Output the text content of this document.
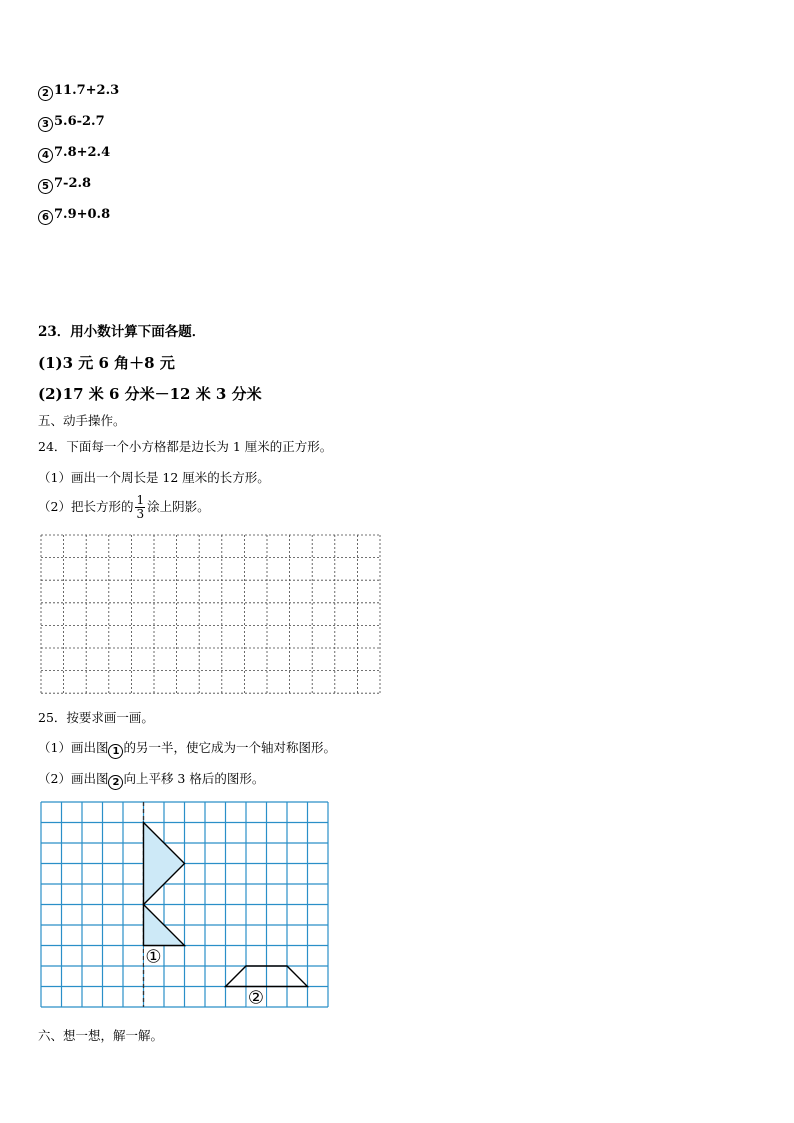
2 11.7+2.3
3 5.6-2.7
4 7.8+2.4
5 7-2.8
6 7.9+0.8
23．用小数计算下面各题．
(1)3 元 6 角＋8 元
(2)17 米 6 分米－12 米 3 分米
五、动手操作。
24．下面每一个小方格都是边长为 1 厘米的正方形。
（1）画出一个周长是 12 厘米的长方形。
（2）把长方形的 $\frac{1}{3}$ 涂上阴影。
25．按要求画一画。
（1）画出图 1 的另一半，使它成为一个轴对称图形。
（2）画出图 2 向上平移 3 格后的图形。
①
②
六、想一想，解一解。
